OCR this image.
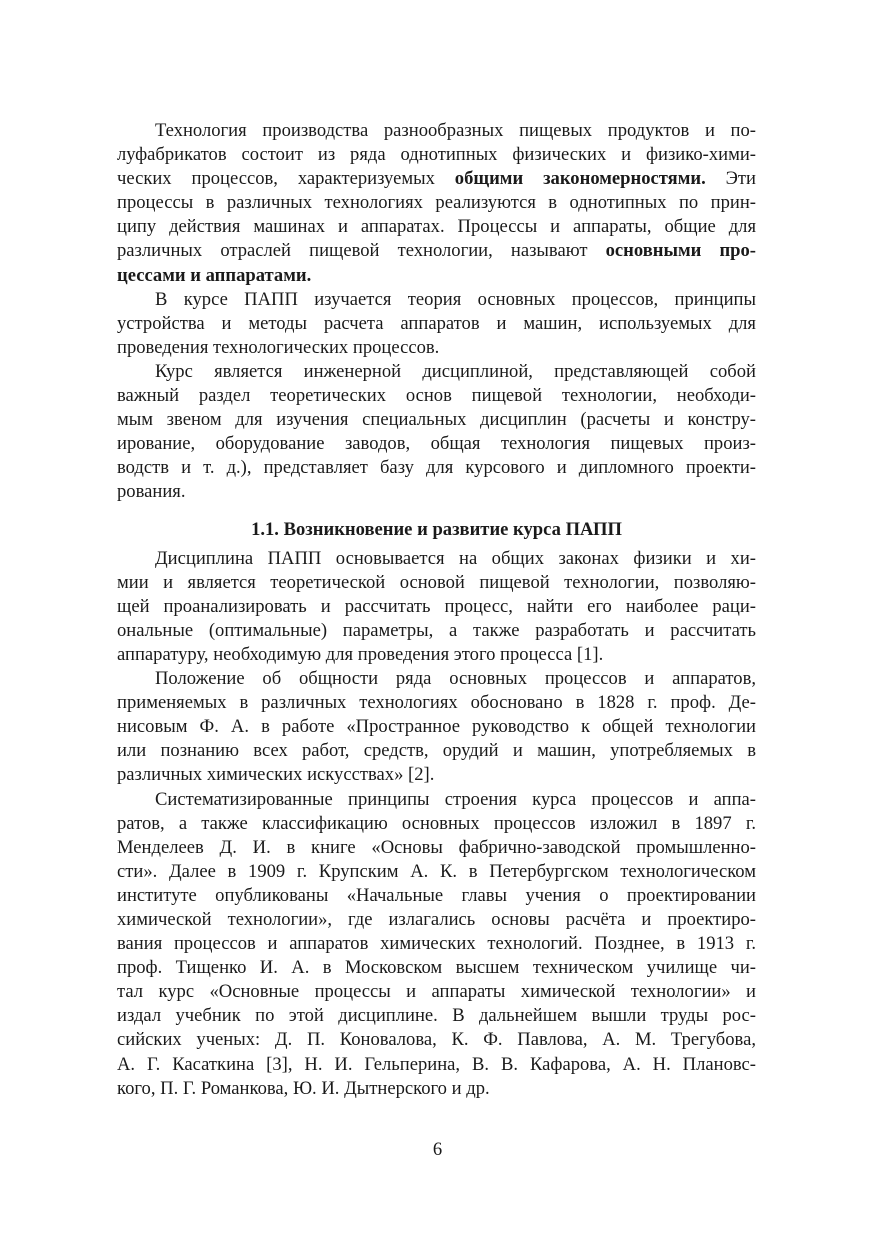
Технология производства разнообразных пищевых продуктов и по-
луфабрикатов состоит из ряда однотипных физических и физико-хими-
ческих процессов, характеризуемых общими закономерностями. Эти
процессы в различных технологиях реализуются в однотипных по прин-
ципу действия машинах и аппаратах. Процессы и аппараты, общие для
различных отраслей пищевой технологии, называют основными про-
цессами и аппаратами.
В курсе ПАПП изучается теория основных процессов, принципы
устройства и методы расчета аппаратов и машин, используемых для
проведения технологических процессов.
Курс является инженерной дисциплиной, представляющей собой
важный раздел теоретических основ пищевой технологии, необходи-
мым звеном для изучения специальных дисциплин (расчеты и констру-
ирование, оборудование заводов, общая технология пищевых произ-
водств и т. д.), представляет базу для курсового и дипломного проекти-
рования.
1.1. Возникновение и развитие курса ПАПП
Дисциплина ПАПП основывается на общих законах физики и хи-
мии и является теоретической основой пищевой технологии, позволяю-
щей проанализировать и рассчитать процесс, найти его наиболее раци-
ональные (оптимальные) параметры, а также разработать и рассчитать
аппаратуру, необходимую для проведения этого процесса [1].
Положение об общности ряда основных процессов и аппаратов,
применяемых в различных технологиях обосновано в 1828 г. проф. Де-
нисовым Ф. А. в работе «Пространное руководство к общей технологии
или познанию всех работ, средств, орудий и машин, употребляемых в
различных химических искусствах» [2].
Систематизированные принципы строения курса процессов и аппа-
ратов, а также классификацию основных процессов изложил в 1897 г.
Менделеев Д. И. в книге «Основы фабрично-заводской промышленно-
сти». Далее в 1909 г. Крупским А. К. в Петербургском технологическом
институте опубликованы «Начальные главы учения о проектировании
химической технологии», где излагались основы расчёта и проектиро-
вания процессов и аппаратов химических технологий. Позднее, в 1913 г.
проф. Тищенко И. А. в Московском высшем техническом училище чи-
тал курс «Основные процессы и аппараты химической технологии» и
издал учебник по этой дисциплине. В дальнейшем вышли труды рос-
сийских ученых: Д. П. Коновалова, К. Ф. Павлова, А. М. Трегубова,
А. Г. Касаткина [3], Н. И. Гельперина, В. В. Кафарова, А. Н. Плановс-
кого, П. Г. Романкова, Ю. И. Дытнерского и др.
6
